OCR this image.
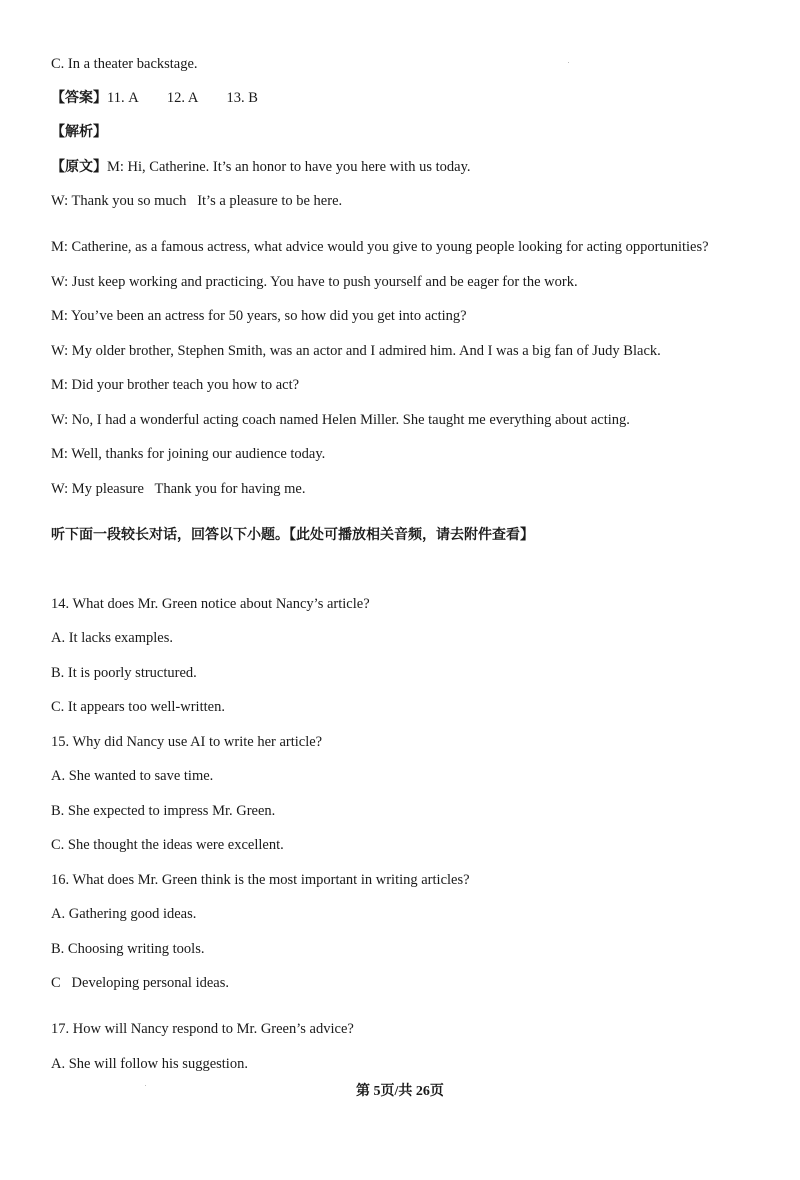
C. In a theater backstage.
【答案】11. A        12. A        13. B
【解析】
【原文】M: Hi, Catherine. It’s an honor to have you here with us today.
W: Thank you so much   It’s a pleasure to be here.
M: Catherine, as a famous actress, what advice would you give to young people looking for acting opportunities?
W: Just keep working and practicing. You have to push yourself and be eager for the work.
M: You’ve been an actress for 50 years, so how did you get into acting?
W: My older brother, Stephen Smith, was an actor and I admired him. And I was a big fan of Judy Black.
M: Did your brother teach you how to act?
W: No, I had a wonderful acting coach named Helen Miller. She taught me everything about acting.
M: Well, thanks for joining our audience today.
W: My pleasure   Thank you for having me.
听下面一段较长对话，回答以下小题。【此处可播放相关音频，请去附件查看】
14. What does Mr. Green notice about Nancy’s article?
A. It lacks examples.
B. It is poorly structured.
C. It appears too well-written.
15. Why did Nancy use AI to write her article?
A. She wanted to save time.
B. She expected to impress Mr. Green.
C. She thought the ideas were excellent.
16. What does Mr. Green think is the most important in writing articles?
A. Gathering good ideas.
B. Choosing writing tools.
C   Developing personal ideas.
17. How will Nancy respond to Mr. Green’s advice?
A. She will follow his suggestion.
第 5页/共 26页
